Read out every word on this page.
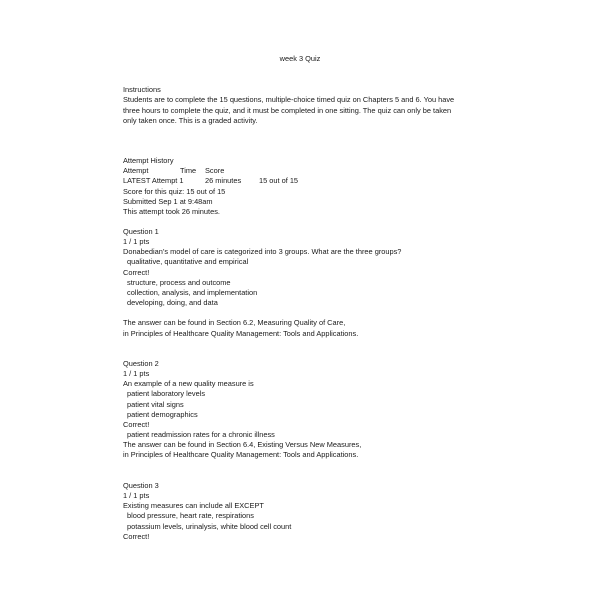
week 3 Quiz
Instructions
Students are to complete the 15 questions, multiple-choice timed quiz on Chapters 5 and 6. You have
three hours to complete the quiz, and it must be completed in one sitting. The quiz can only be taken
only taken once. This is a graded activity.
Attempt History
Attempt	Time Score
LATEST Attempt 1	26 minutes 15 out of 15
Score for this quiz: 15 out of 15
Submitted Sep 1 at 9:48am
This attempt took 26 minutes.
Question 1
1 / 1 pts
Donabedian’s model of care is categorized into 3 groups. What are the three groups?
qualitative, quantitative and empirical
Correct!
structure, process and outcome
collection, analysis, and implementation
developing, doing, and data
The answer can be found in Section 6.2, Measuring Quality of Care,
in Principles of Healthcare Quality Management: Tools and Applications.
Question 2
1 / 1 pts
An example of a new quality measure is
patient laboratory levels
patient vital signs
patient demographics
Correct!
patient readmission rates for a chronic illness
The answer can be found in Section 6.4, Existing Versus New Measures,
in Principles of Healthcare Quality Management: Tools and Applications.
Question 3
1 / 1 pts
Existing measures can include all EXCEPT
blood pressure, heart rate, respirations
potassium levels, urinalysis, white blood cell count
Correct!
